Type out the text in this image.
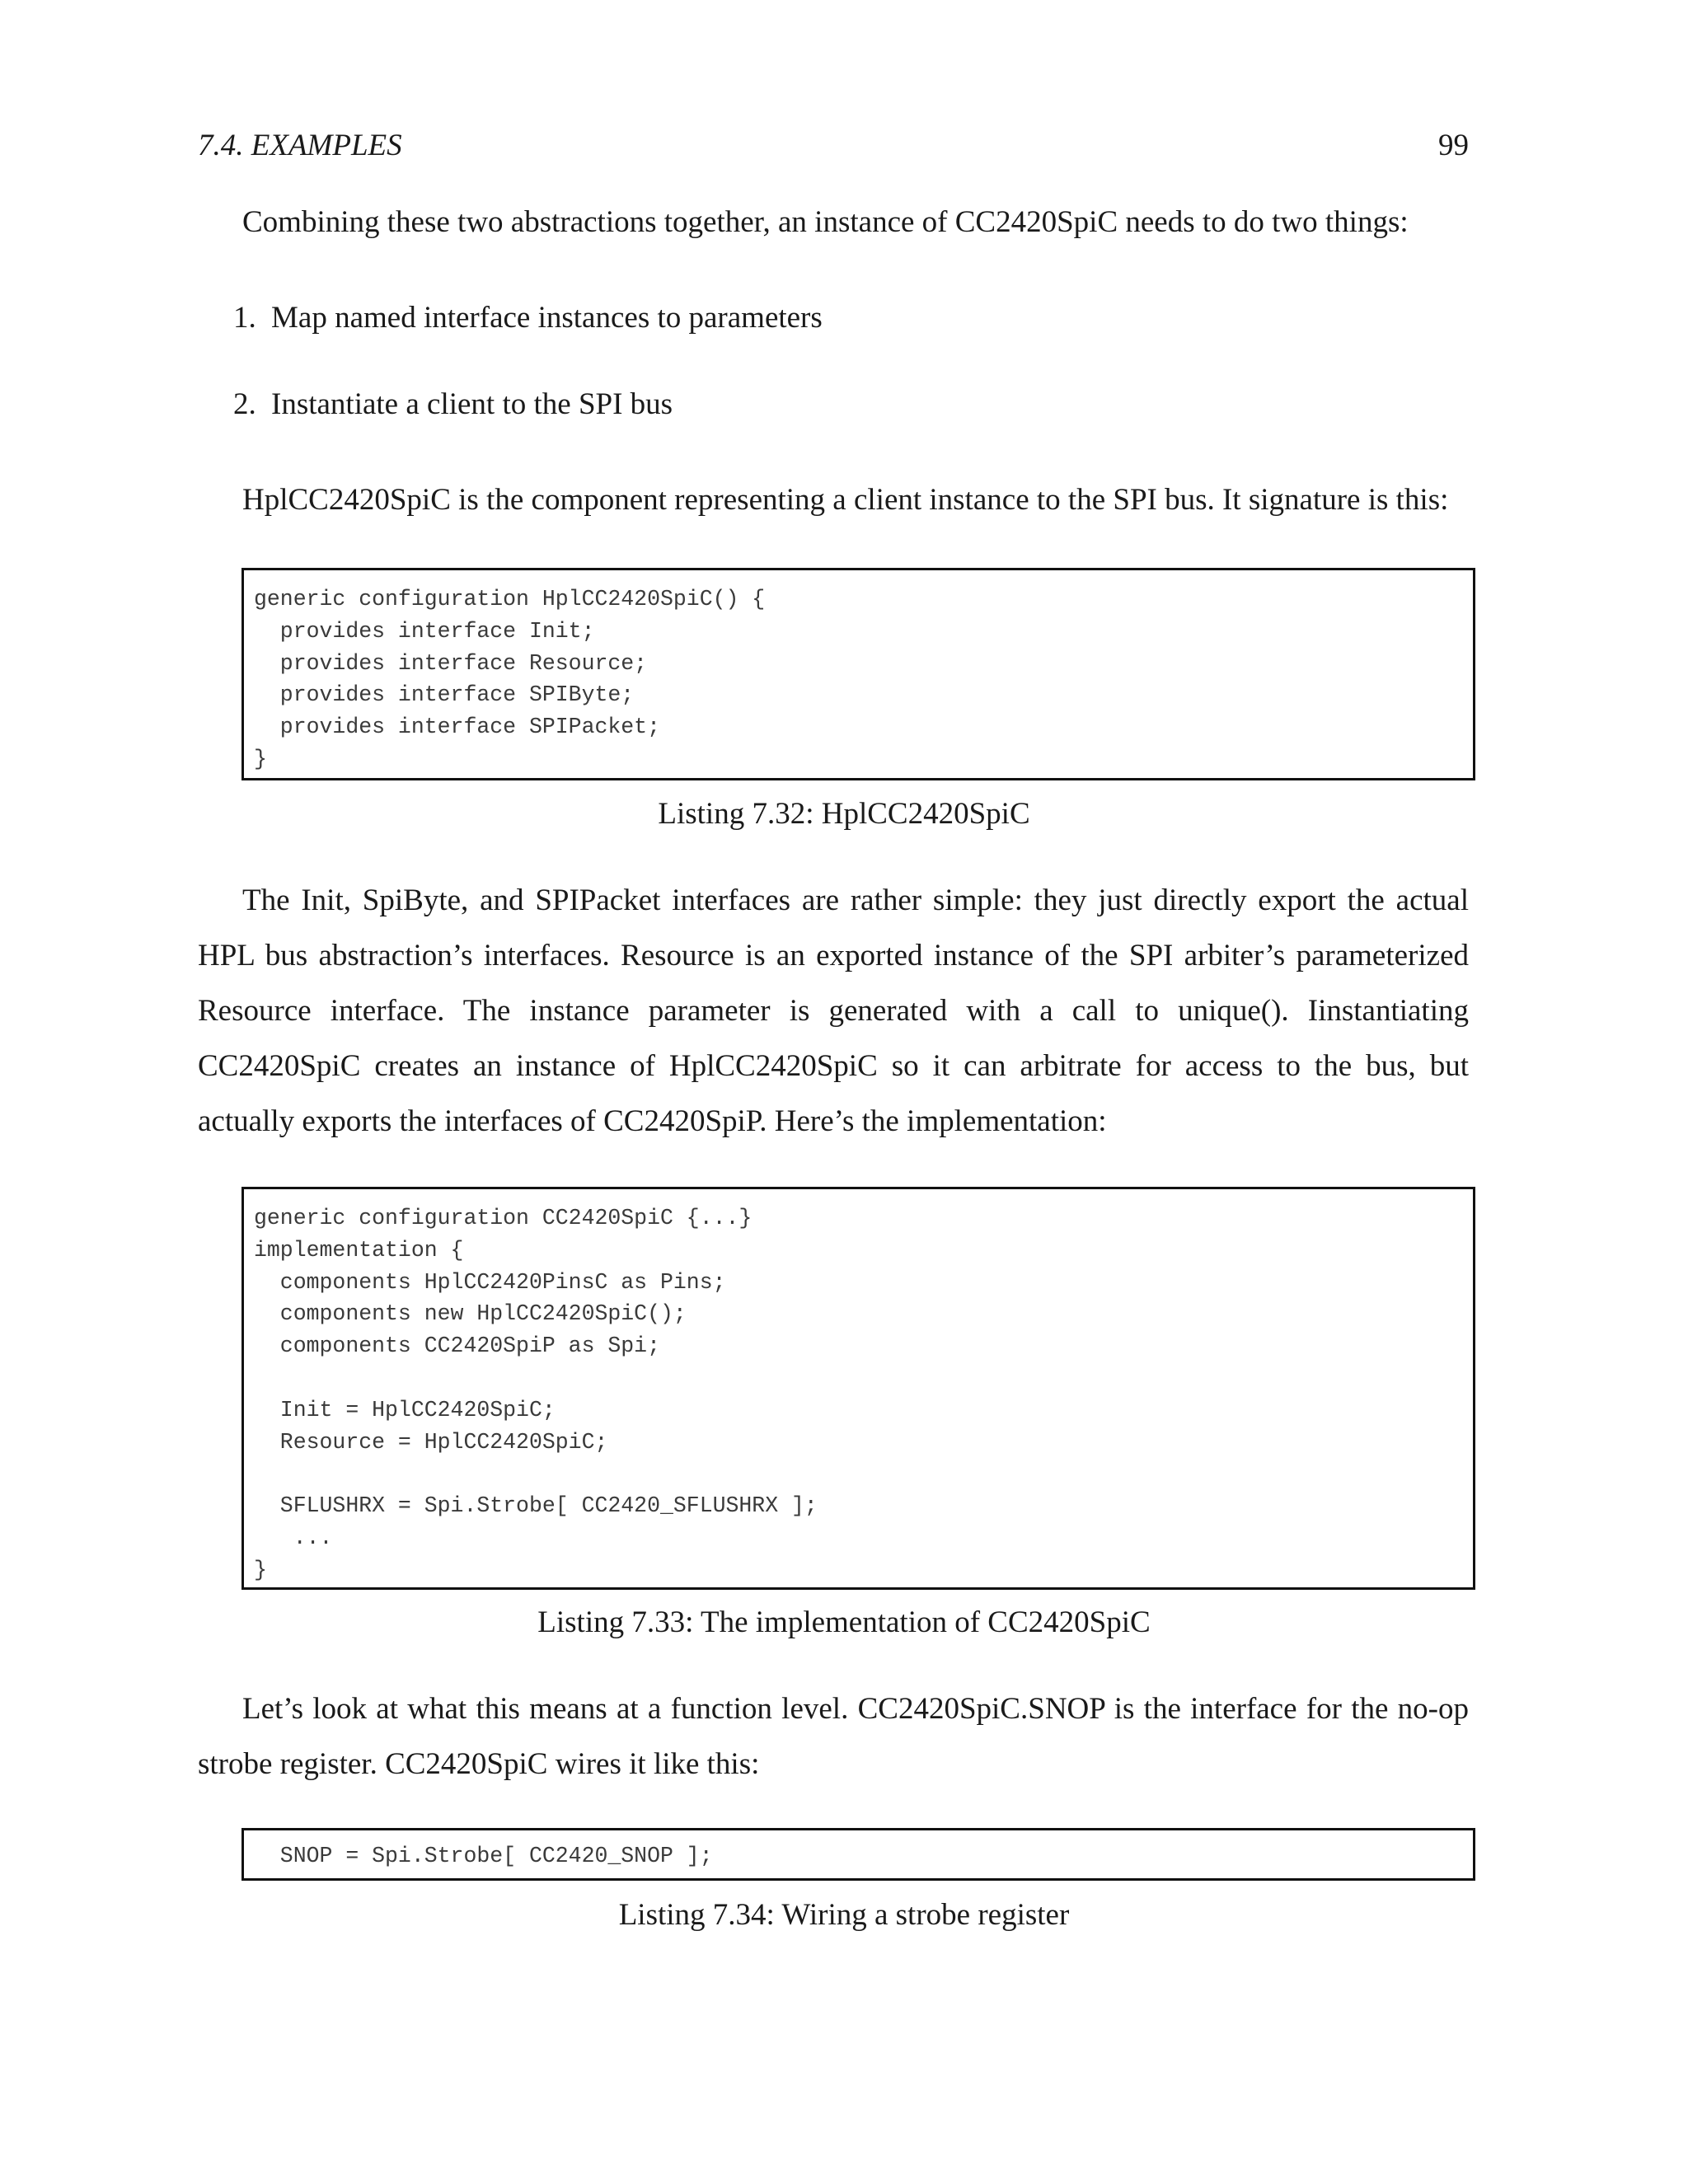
7.4. EXAMPLES	99

Combining these two abstractions together, an instance of CC2420SpiC needs to do two things:

1. Map named interface instances to parameters
2. Instantiate a client to the SPI bus

HplCC2420SpiC is the component representing a client instance to the SPI bus. It signature is this:

generic configuration HplCC2420SpiC() {
provides interface Init;
provides interface Resource;
provides interface SPIByte;
provides interface SPIPacket;
}
Listing 7.32: HplCC2420SpiC

The Init, SpiByte, and SPIPacket interfaces are rather simple: they just directly export the actual HPL bus abstraction’s interfaces. Resource is an exported instance of the SPI arbiter’s parameterized Resource interface. The instance parameter is generated with a call to unique(). Iinstantiating CC2420SpiC creates an instance of HplCC2420SpiC so it can arbitrate for access to the bus, but actually exports the interfaces of CC2420SpiP. Here’s the implementation:

generic configuration CC2420SpiC {...}
implementation {
components HplCC2420PinsC as Pins;
components new HplCC2420SpiC();
components CC2420SpiP as Spi;
Init = HplCC2420SpiC;
Resource = HplCC2420SpiC;
SFLUSHRX = Spi.Strobe[ CC2420_SFLUSHRX ];
...
}
Listing 7.33: The implementation of CC2420SpiC

Let’s look at what this means at a function level. CC2420SpiC.SNOP is the interface for the no-op strobe register. CC2420SpiC wires it like this:

SNOP = Spi.Strobe[ CC2420_SNOP ];
Listing 7.34: Wiring a strobe register
